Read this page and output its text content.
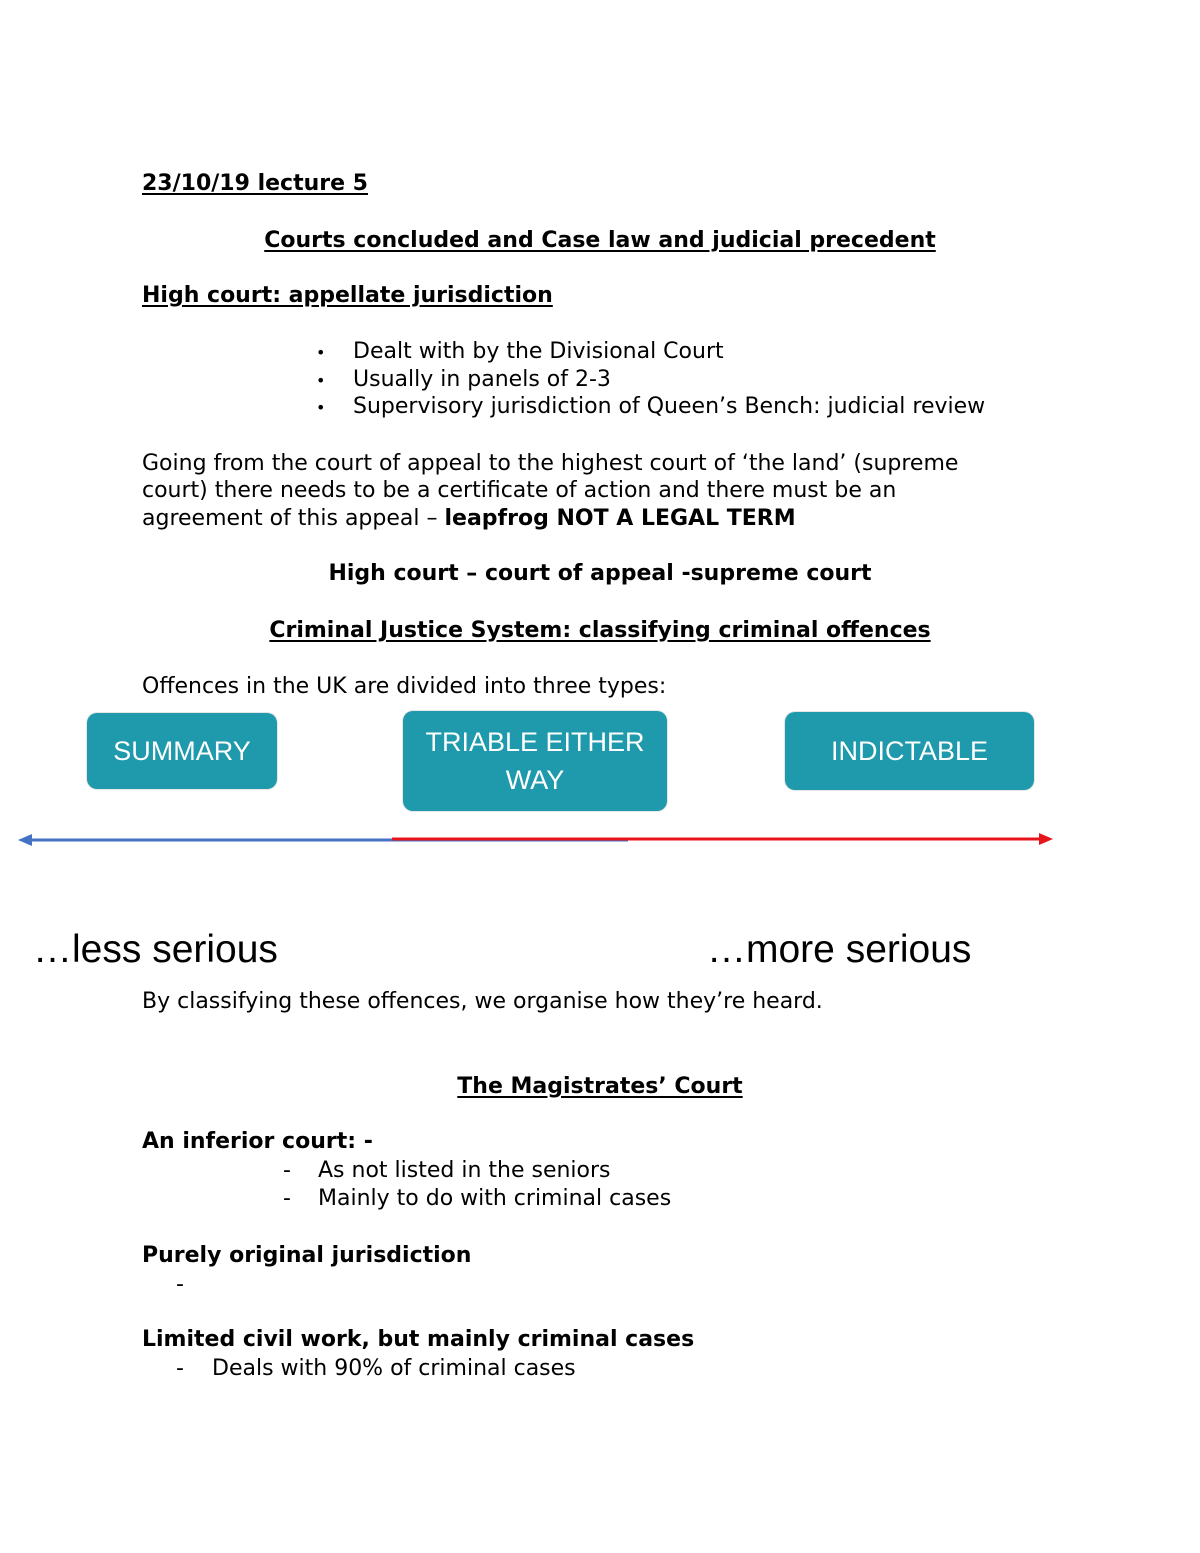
23/10/19 lecture 5
Courts concluded and Case law and judicial precedent
High court: appellate jurisdiction
• Dealt with by the Divisional Court
• Usually in panels of 2-3
• Supervisory jurisdiction of Queen’s Bench: judicial review
Going from the court of appeal to the highest court of ‘the land’ (supreme
court) there needs to be a certificate of action and there must be an
agreement of this appeal – leapfrog NOT A LEGAL TERM
High court – court of appeal -supreme court
Criminal Justice System: classifying criminal offences
Offences in the UK are divided into three types:
SUMMARY	TRIABLE EITHER
WAY
INDICTABLE
…less serious	…more serious
By classifying these offences, we organise how they’re heard.
The Magistrates’ Court
An inferior court: -
- As not listed in the seniors
- Mainly to do with criminal cases
Purely original jurisdiction
-
Limited civil work, but mainly criminal cases
- Deals with 90% of criminal cases
